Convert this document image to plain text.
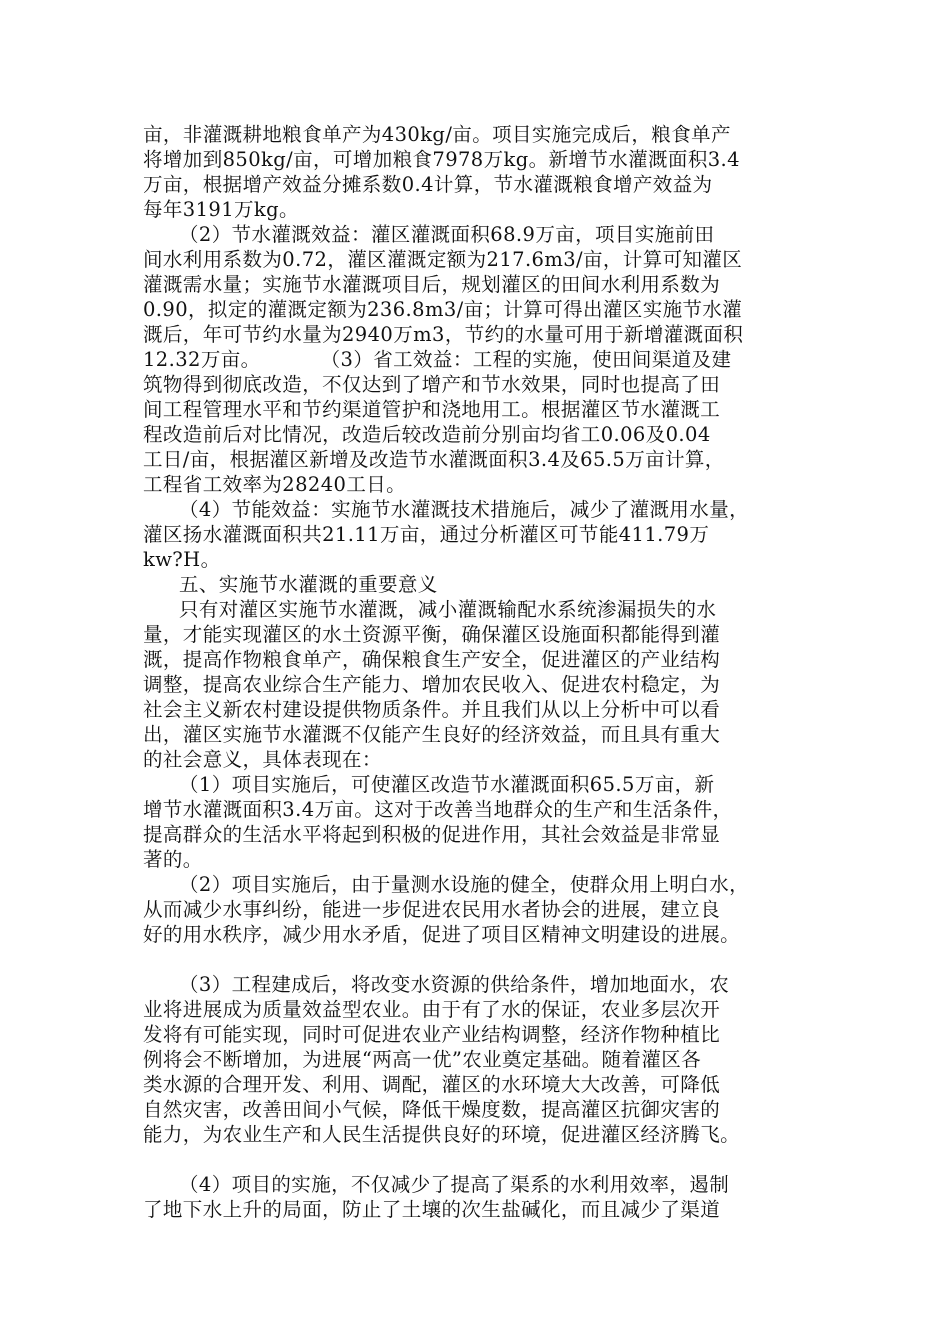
亩，非灌溉耕地粮食单产为430kg/亩。项目实施完成后，粮食单产
将增加到850kg/亩，可增加粮食7978万kg。新增节水灌溉面积3.4
万亩，根据增产效益分摊系数0.4计算，节水灌溉粮食增产效益为
每年3191万kg。
（2）节水灌溉效益：灌区灌溉面积68.9万亩，项目实施前田
间水利用系数为0.72，灌区灌溉定额为217.6m3/亩，计算可知灌区
灌溉需水量；实施节水灌溉项目后，规划灌区的田间水利用系数为
0.90，拟定的灌溉定额为236.8m3/亩；计算可得出灌区实施节水灌
溉后，年可节约水量为2940万m3，节约的水量可用于新增灌溉面积
12.32万亩。　　　　（3）省工效益：工程的实施，使田间渠道及建
筑物得到彻底改造，不仅达到了增产和节水效果，同时也提高了田
间工程管理水平和节约渠道管护和浇地用工。根据灌区节水灌溉工
程改造前后对比情况，改造后较改造前分别亩均省工0.06及0.04
工日/亩，根据灌区新增及改造节水灌溉面积3.4及65.5万亩计算，
工程省工效率为28240工日。
（4）节能效益：实施节水灌溉技术措施后，减少了灌溉用水量，
灌区扬水灌溉面积共21.11万亩，通过分析灌区可节能411.79万
kw?H。
五、实施节水灌溉的重要意义
只有对灌区实施节水灌溉，减小灌溉输配水系统渗漏损失的水
量，才能实现灌区的水土资源平衡，确保灌区设施面积都能得到灌
溉，提高作物粮食单产，确保粮食生产安全，促进灌区的产业结构
调整，提高农业综合生产能力、增加农民收入、促进农村稳定，为
社会主义新农村建设提供物质条件。并且我们从以上分析中可以看
出，灌区实施节水灌溉不仅能产生良好的经济效益，而且具有重大
的社会意义，具体表现在：
（1）项目实施后，可使灌区改造节水灌溉面积65.5万亩，新
增节水灌溉面积3.4万亩。这对于改善当地群众的生产和生活条件，
提高群众的生活水平将起到积极的促进作用，其社会效益是非常显
著的。
（2）项目实施后，由于量测水设施的健全，使群众用上明白水，
从而减少水事纠纷，能进一步促进农民用水者协会的进展，建立良
好的用水秩序，减少用水矛盾，促进了项目区精神文明建设的进展。
（3）工程建成后，将改变水资源的供给条件，增加地面水，农
业将进展成为质量效益型农业。由于有了水的保证，农业多层次开
发将有可能实现，同时可促进农业产业结构调整，经济作物种植比
例将会不断增加，为进展“两高一优”农业奠定基础。随着灌区各
类水源的合理开发、利用、调配，灌区的水环境大大改善，可降低
自然灾害，改善田间小气候，降低干燥度数，提高灌区抗御灾害的
能力，为农业生产和人民生活提供良好的环境，促进灌区经济腾飞。
（4）项目的实施，不仅减少了提高了渠系的水利用效率，遏制
了地下水上升的局面，防止了土壤的次生盐碱化，而且减少了渠道
